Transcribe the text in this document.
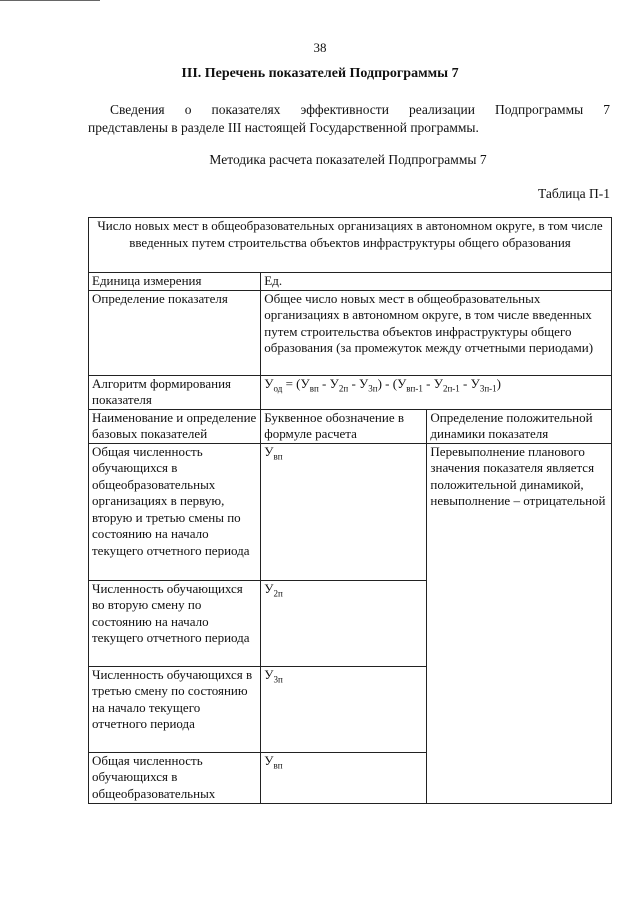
38
III. Перечень показателей Подпрограммы 7
Сведения о показателях эффективности реализации Подпрограммы 7
представлены в разделе III настоящей Государственной программы.
Методика расчета показателей Подпрограммы 7
Таблица П-1
Число новых мест в общеобразовательных организациях в автономном округе, в том числе введенных путем строительства объектов инфраструктуры общего образования		
Единица измерения	Ед.	
Определение показателя	Общее число новых мест в общеобразовательных организациях в автономном округе, в том числе введенных путем строительства объектов инфраструктуры общего образования (за промежуток между отчетными периодами)	
Алгоритм формирования показателя	$У_{од} = (У_{вп} - У_{2п} - У_{3п}) - (У_{вп-1} - У_{2п-1} - У_{3п-1})$	
Наименование и определение базовых показателей	Буквенное обозначение в формуле расчета	Определение положительной динамики показателя
Общая численность обучающихся в общеобразовательных организациях в первую, вторую и третью смены по состоянию на начало текущего отчетного периода	$У_{вп}$	Перевыполнение планового значения показателя является положительной динамикой, невыполнение – отрицательной
Численность обучающихся во вторую смену по состоянию на начало текущего отчетного периода	$У_{2п}$
Численность обучающихся в третью смену по состоянию на начало текущего отчетного периода	$У_{3п}$
Общая численность обучающихся в общеобразовательных	$У_{вп}$
